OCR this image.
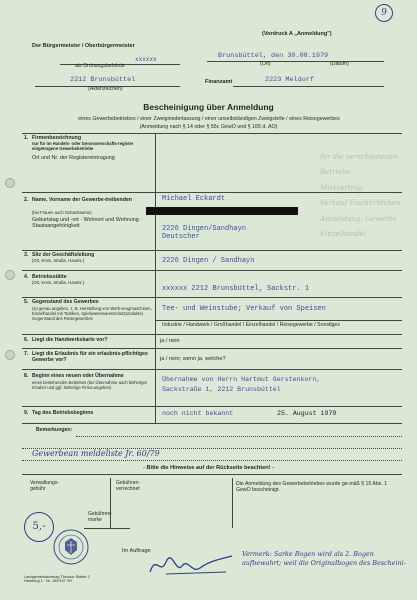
9
(Vordruck A „Anmeldung")
Der Bürgermeister / Oberbürgermeister
xxxxxx
als Ordnungsbehörde
Brunsbüttel, den 30.08.1979
(Ort)	(Datum)
2212 Brunsbüttel
(Aktenzeichen)
Finanzamt	2223 Meldorf
Bescheinigung über Anmeldung
eines Gewerbebetriebes / einer Zweigniederlassung / einer unselbständigen Zweigstelle / eines Reisegewerbes
(Anmeldung nach § 14 oder § 55c GewO und § 165 d. AO)
1. Firmenbezeichnung
nur für im Handels- oder Genossenschafts-register eingetragene Gewerbebetriebe
Ort und Nr. der Registereintragung
2. Name, Vorname der Gewerbe-treibenden
(bei Frauen auch Geburtsname)
Geburtstag und -ort · Wohnort und Wohnung · Staatsangehörigkeit
Michael Eckardt
2226 Dingen/Sandhayn
Deutscher
3. Sitz der Geschäftsleitung
(Ort, Kreis, Straße, Hausnr.)	2226 Dingen / Sandhayn
4. Betriebsstätte
(Ort, Kreis, Straße, Hausnr.)
xxxxxx 2212 Brunsbüttel, Sackstr. 1
5. Gegenstand des Gewerbes
(so genau angeben, z. B. Herstellung von Werk-zeugmaschinen, Einzelhandel mit Textilien, Spielwarenwarenschutzprodukte) Gegenstand des Reisegewerbes
Tee- und Weinstube; Verkauf von Speisen
Industrie / Handwerk / Großhandel / Einzelhandel / Reisegewerbe / Sonstiges
6. Liegt die Handwerkskarte vor?	ja / nein
7. Liegt die Erlaubnis für ein erlaubnis-pflichtiges Gewerbe vor?	ja / nein; wenn ja, welche?
8. Beginn eines neuen oder Übernahme
eines bestehenden Betriebes (bei Übernahme auch bisheriger Inhaber und ggf. bisherige Firma angeben)
Übernahme von Herrn Hartmut Gerstenkorn,
Sackstraße 1, 2212 Brunsbüttel
9. Tag des Betriebsbeginns	noch nicht bekannt	25. August 1979
Bemerkungen:
Gewerbean meldeliste Jr. 60/79
- Bitte die Hinweise auf der Rückseite beachten! -
Verwaltungs-gebühr
Gebühren-verrechnet
Gebühren-marke
5,-
Im Auftrage
Die Anmeldung des Gewerbebetriebes wurde ge-mäß § 15 Abs. 1 GewO bescheinigt.
Vermerk: Sarke Bogen wird als 2. Bogen aufbewahrt; weil die Originalbogen des Bescheini-
Landgemeindeverlag Theodor Stelter 2 Hamburg 1 · Nr. 199/107 SH
für die verschiedenen Betriebe
Mietvertrag
Verkauf Fischbrötchen
Anmeldung: Gewerbe
Einzelhandel
